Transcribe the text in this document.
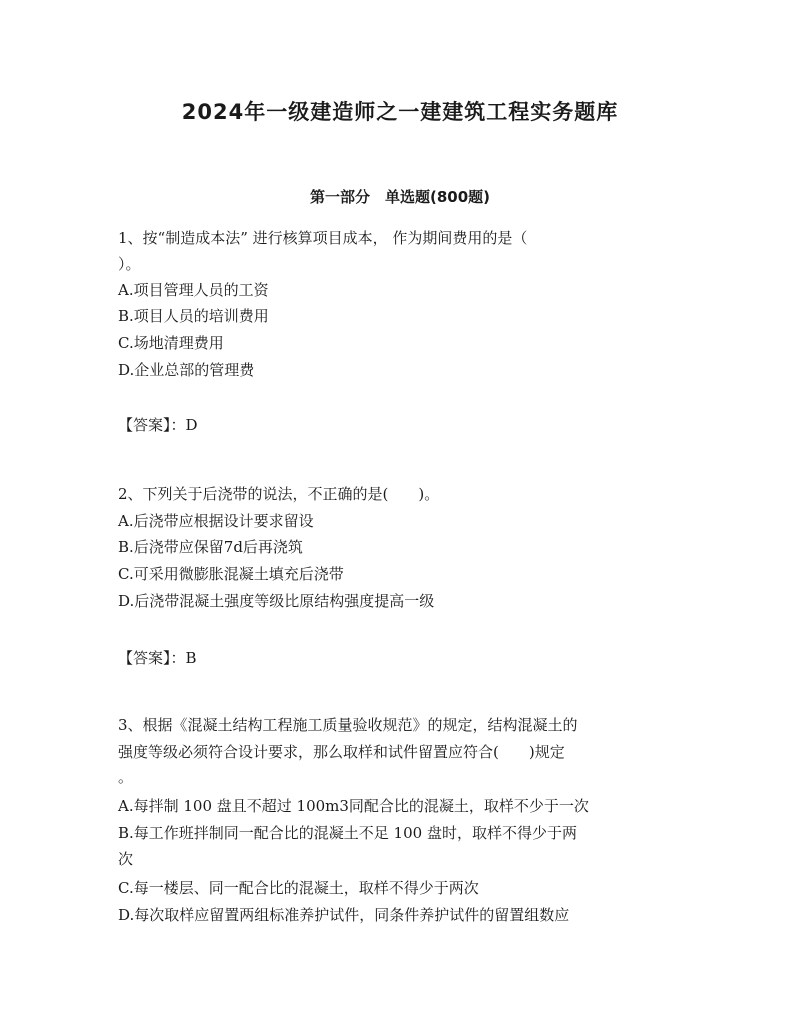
2024年一级建造师之一建建筑工程实务题库
第一部分　单选题(800题)
1、按“制造成本法” 进行核算项目成本， 作为期间费用的是（
）。
A.项目管理人员的工资
B.项目人员的培训费用
C.场地清理费用
D.企业总部的管理费
【答案】：D
2、下列关于后浇带的说法，不正确的是(　　)。
A.后浇带应根据设计要求留设
B.后浇带应保留7d后再浇筑
C.可采用微膨胀混凝土填充后浇带
D.后浇带混凝土强度等级比原结构强度提高一级
【答案】：B
3、根据《混凝土结构工程施工质量验收规范》的规定，结构混凝土的
强度等级必须符合设计要求，那么取样和试件留置应符合(　　)规定
。
A.每拌制 100 盘且不超过 100m3同配合比的混凝土，取样不少于一次
B.每工作班拌制同一配合比的混凝土不足 100 盘时，取样不得少于两
次
C.每一楼层、同一配合比的混凝土，取样不得少于两次
D.每次取样应留置两组标准养护试件，同条件养护试件的留置组数应
